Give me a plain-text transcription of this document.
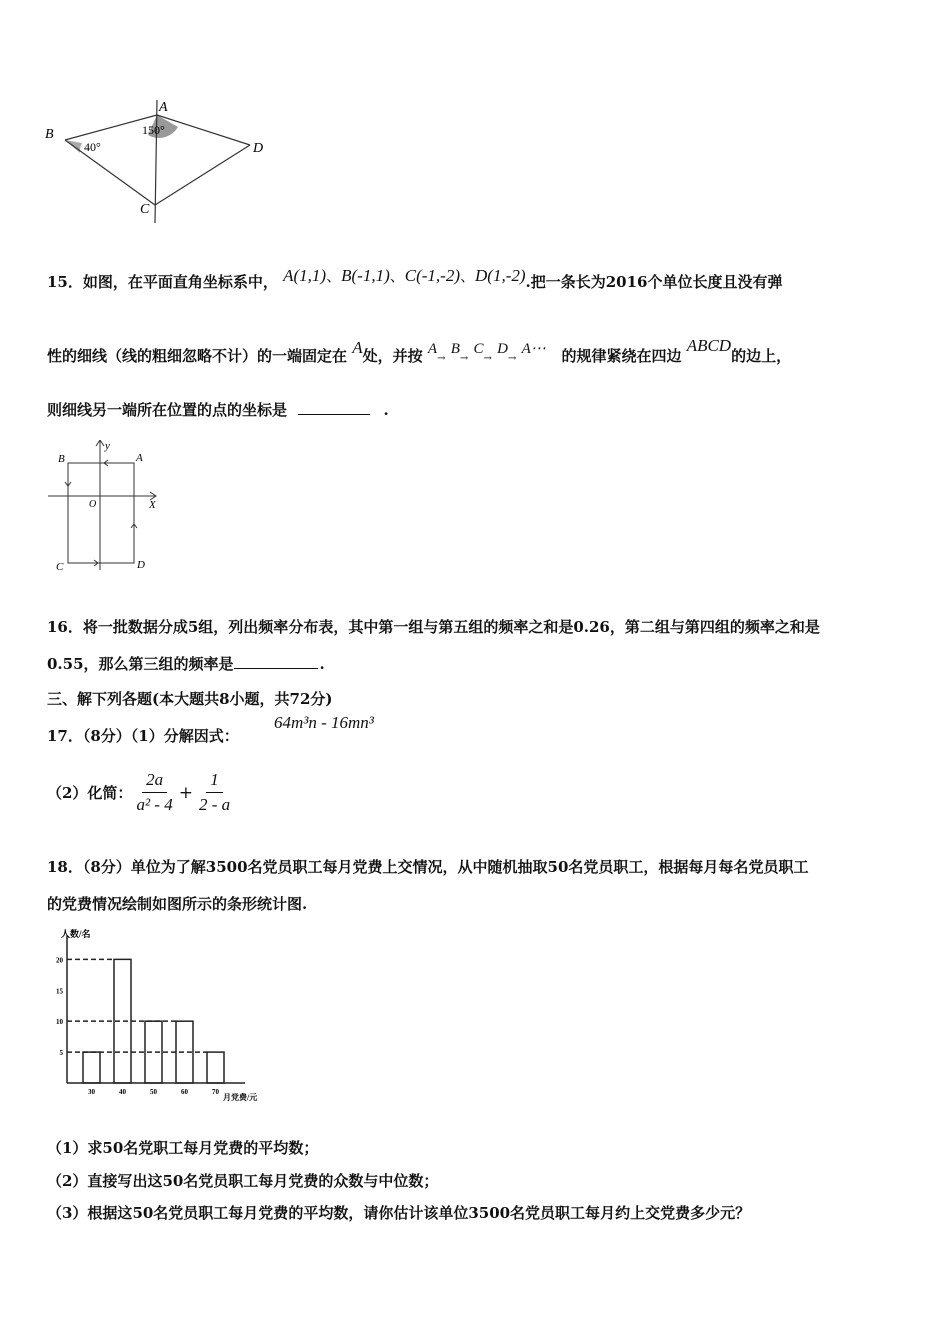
A
B
C
D
150°
40°
15．如图，在平面直角坐标系中， A(1,1)、B(-1,1)、C(-1,-2)、D(1,-2).把一条长为2016个单位长度且没有弹
性的细线（线的粗细忽略不计）的一端固定在 A处，并按 A→ B→ C→ D→ A⋯ 的规律紧绕在四边 ABCD的边上，
则细线另一端所在位置的点的坐标是	.
B	A
C	D
O	X
y
16．将一批数据分成5组，列出频率分布表，其中第一组与第五组的频率之和是0.26，第二组与第四组的频率之和是
0.55，那么第三组的频率是	.
三、解下列各题(本大题共8小题，共72分)
17．（8分）（1）分解因式：
64m³n - 16mn³
（2）化简： $\frac{2a}{\text{a² - 4}} + \frac{1}{2 - a}$
18．（8分）单位为了解3500名党员职工每月党费上交情况，从中随机抽取50名党员职工，根据每月每名党员职工
的党费情况绘制如图所示的条形统计图.
人数/名
月党费/元
30	40	50	60	70
5
10
15
20
（1）求50名党职工每月党费的平均数；
（2）直接写出这50名党员职工每月党费的众数与中位数；
（3）根据这50名党员职工每月党费的平均数，请你估计该单位3500名党员职工每月约上交党费多少元？
